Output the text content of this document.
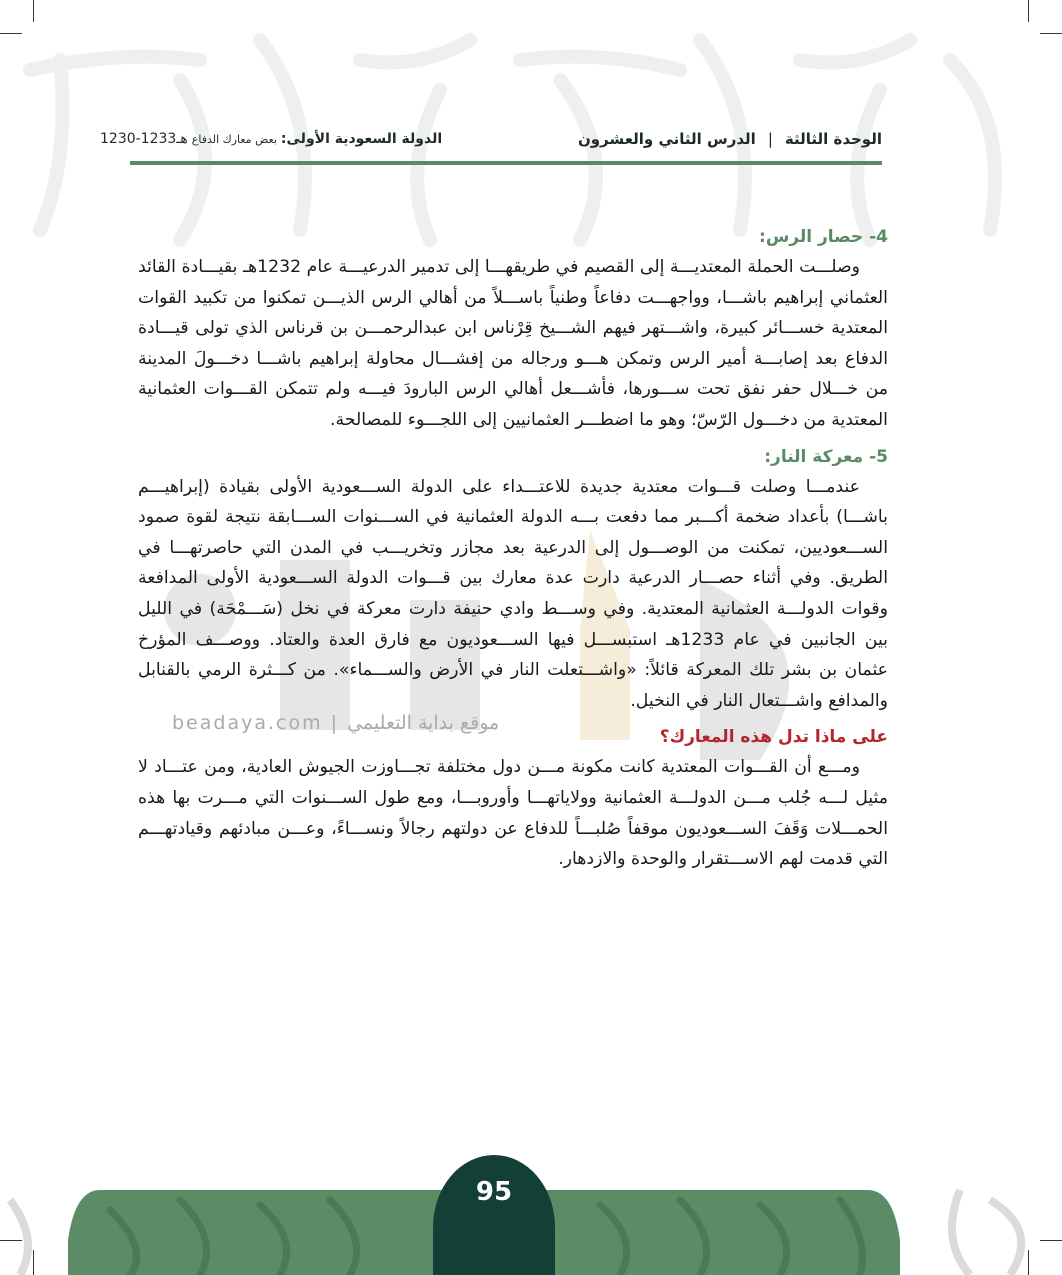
الوحدة الثالثة
|
الدرس الثاني والعشرون
الدولة السعودية الأولى:
بعض معارك الدفاع
1230-1233هـ
beadaya.com | موقع بداية التعليمي
4- حصار الرس:

وصلـــت الحملة المعتديـــة إلى القصيم في طريقهـــا إلى تدمير الدرعيـــة عام 1232هـ بقيـــادة القائد العثماني إبراهيم باشـــا، وواجهـــت دفاعاً وطنياً باســـلاً من أهالي الرس الذيـــن تمكنوا من تكبيد القوات المعتدية خســـائر كبيرة، واشـــتهر فيهم الشـــيخ قِرْناس ابن عبدالرحمـــن بن قرناس الذي تولى قيـــادة الدفاع بعد إصابـــة أمير الرس وتمكن هـــو ورجاله من إفشـــال محاولة إبراهيم باشـــا دخـــولَ المدينة من خـــلال حفر نفق تحت ســـورها، فأشـــعل أهالي الرس البارودَ فيـــه ولم تتمكن القـــوات العثمانية المعتدية من دخـــول الرّسّ؛ وهو ما اضطـــر العثمانيين إلى اللجـــوء للمصالحة.

5- معركة النار:

عندمـــا وصلت قـــوات معتدية جديدة للاعتـــداء على الدولة الســـعودية الأولى بقيادة (إبراهيـــم باشـــا) بأعداد ضخمة أكـــبر مما دفعت بـــه الدولة العثمانية في الســـنوات الســـابقة نتيجة لقوة صمود الســـعوديين، تمكنت من الوصـــول إلى الدرعية بعد مجازر وتخريـــب في المدن التي حاصرتهـــا في الطريق. وفي أثناء حصـــار الدرعية دارت عدة معارك بين قـــوات الدولة الســـعودية الأولى المدافعة وقوات الدولـــة العثمانية المعتدية. وفي وســـط وادي حنيفة دارت معركة في نخل (سَـــمْحَة) في الليل بين الجانبين في عام 1233هـ استبســـل فيها الســـعوديون مع فارق العدة والعتاد. ووصـــف المؤرخ عثمان بن بشر تلك المعركة قائلاً: «واشـــتعلت النار في الأرض والســـماء». من كـــثرة الرمي بالقنابل والمدافع واشـــتعال النار في النخيل.

على ماذا تدل هذه المعارك؟

ومـــع أن القـــوات المعتدية كانت مكونة مـــن دول مختلفة تجـــاوزت الجيوش العادية، ومن عتـــاد لا مثيل لـــه جُلب مـــن الدولـــة العثمانية وولاياتهـــا وأوروبـــا، ومع طول الســـنوات التي مـــرت بها هذه الحمـــلات وَقَفَ الســـعوديون موقفاً صُلبـــاً للدفاع عن دولتهم رجالاً ونســـاءً، وعـــن مبادئهم وقيادتهـــم التي قدمت لهم الاســـتقرار والوحدة والازدهار.

95
